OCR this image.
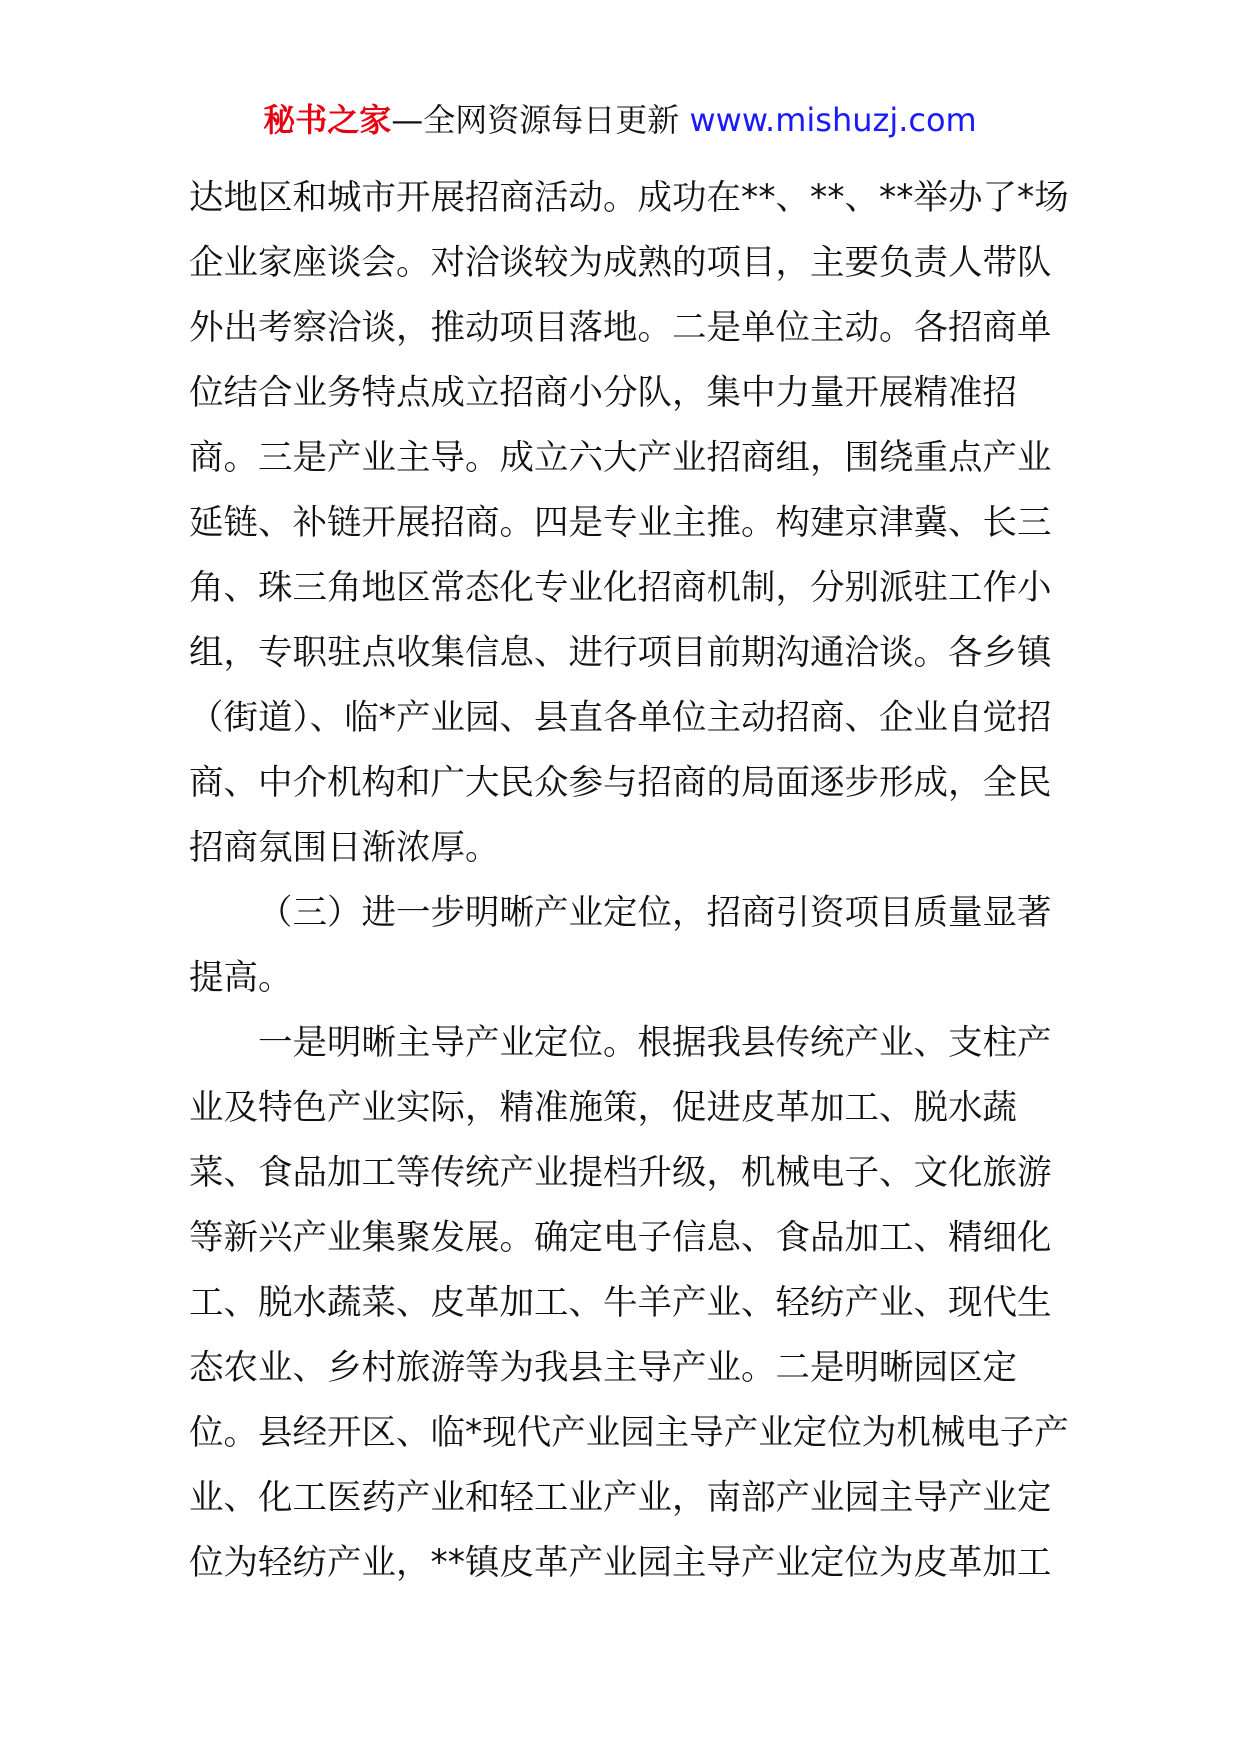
秘书之家—全网资源每日更新 www.mishuzj.com
达地区和城市开展招商活动。成功在**、**、**举办了*场
企业家座谈会。对洽谈较为成熟的项目，主要负责人带队
外出考察洽谈，推动项目落地。二是单位主动。各招商单
位结合业务特点成立招商小分队，集中力量开展精准招
商。三是产业主导。成立六大产业招商组，围绕重点产业
延链、补链开展招商。四是专业主推。构建京津冀、长三
角、珠三角地区常态化专业化招商机制，分别派驻工作小
组，专职驻点收集信息、进行项目前期沟通洽谈。各乡镇
（街道）、临*产业园、县直各单位主动招商、企业自觉招
商、中介机构和广大民众参与招商的局面逐步形成，全民
招商氛围日渐浓厚。
（三）进一步明晰产业定位，招商引资项目质量显著
提高。
一是明晰主导产业定位。根据我县传统产业、支柱产
业及特色产业实际，精准施策，促进皮革加工、脱水蔬
菜、食品加工等传统产业提档升级，机械电子、文化旅游
等新兴产业集聚发展。确定电子信息、食品加工、精细化
工、脱水蔬菜、皮革加工、牛羊产业、轻纺产业、现代生
态农业、乡村旅游等为我县主导产业。二是明晰园区定
位。县经开区、临*现代产业园主导产业定位为机械电子产
业、化工医药产业和轻工业产业，南部产业园主导产业定
位为轻纺产业，**镇皮革产业园主导产业定位为皮革加工
